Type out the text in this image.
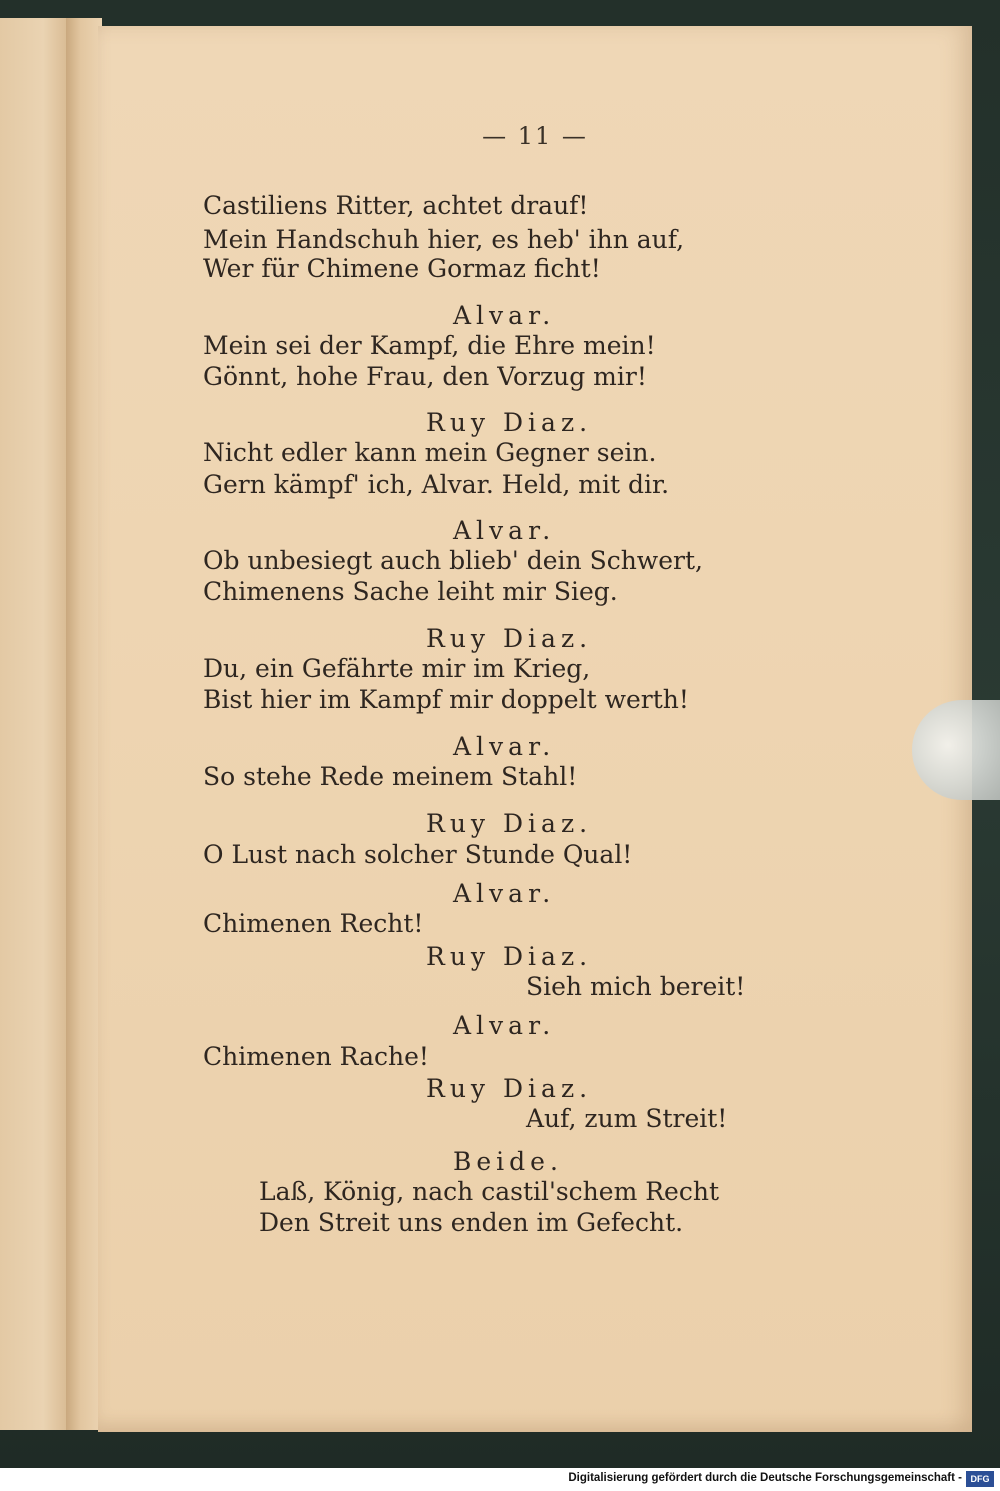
— 11 —
Castiliens Ritter, achtet drauf!
Mein Handschuh hier, es heb' ihn auf,
Wer für Chimene Gormaz ficht!
Alvar.
Mein sei der Kampf, die Ehre mein!
Gönnt, hohe Frau, den Vorzug mir!
Ruy Diaz.
Nicht edler kann mein Gegner sein.
Gern kämpf' ich, Alvar. Held, mit dir.
Alvar.
Ob unbesiegt auch blieb' dein Schwert,
Chimenens Sache leiht mir Sieg.
Ruy Diaz.
Du, ein Gefährte mir im Krieg,
Bist hier im Kampf mir doppelt werth!
Alvar.
So stehe Rede meinem Stahl!
Ruy Diaz.
O Lust nach solcher Stunde Qual!
Alvar.
Chimenen Recht!
Ruy Diaz.
Sieh mich bereit!
Alvar.
Chimenen Rache!
Ruy Diaz.
Auf, zum Streit!
Beide.
Laß, König, nach castil'schem Recht
Den Streit uns enden im Gefecht.
Digitalisierung gefördert durch die Deutsche Forschungsgemeinschaft - DFG
